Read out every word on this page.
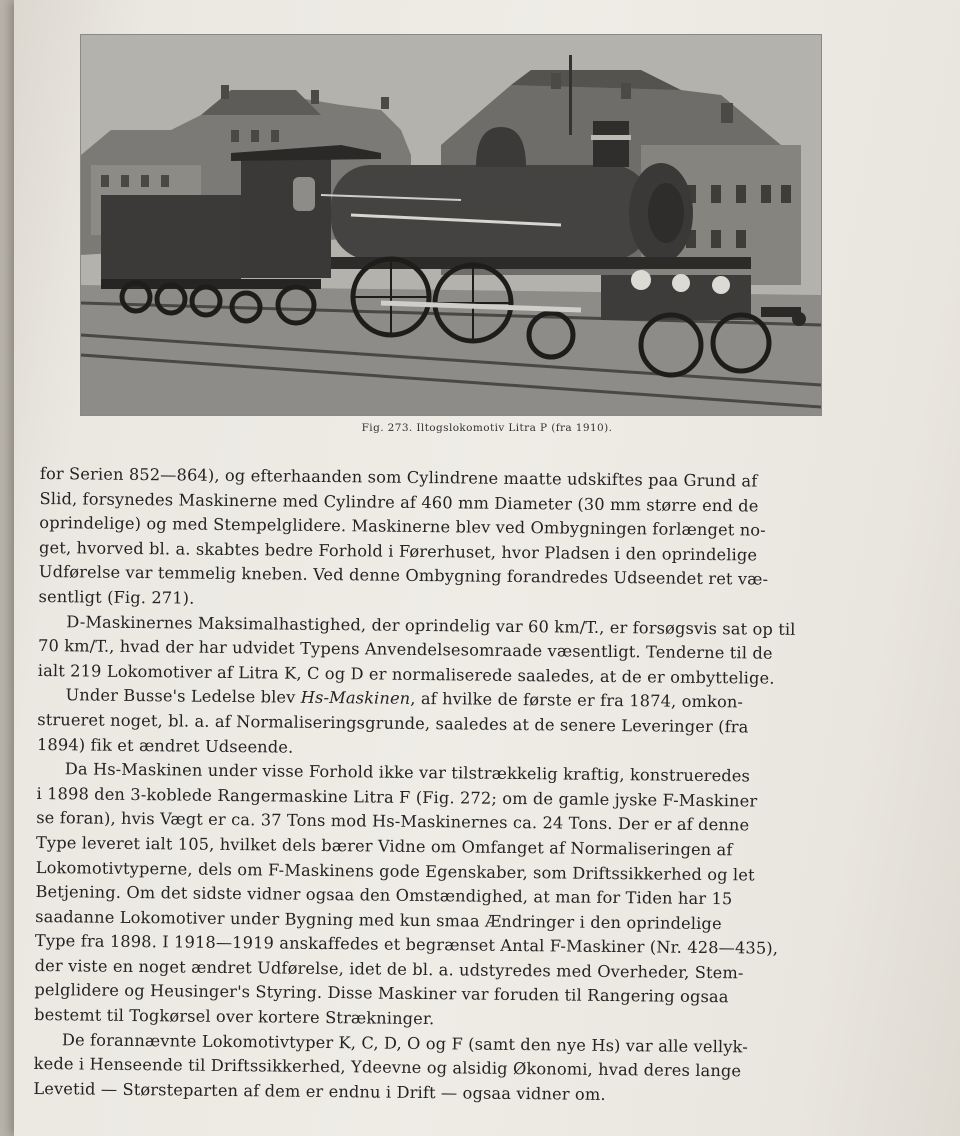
Fig. 273. Iltogslokomotiv Litra P (fra 1910).
for Serien 852—864), og efterhaanden som Cylindrene maatte udskiftes paa Grund af
Slid, forsynedes Maskinerne med Cylindre af 460 mm Diameter (30 mm større end de
oprindelige) og med Stempelglidere. Maskinerne blev ved Ombygningen forlænget no-
get, hvorved bl. a. skabtes bedre Forhold i Førerhuset, hvor Pladsen i den oprindelige
Udførelse var temmelig kneben. Ved denne Ombygning forandredes Udseendet ret væ-
sentligt (Fig. 271).
D-Maskinernes Maksimalhastighed, der oprindelig var 60 km/T., er forsøgsvis sat op til
70 km/T., hvad der har udvidet Typens Anvendelsesomraade væsentligt. Tenderne til de
ialt 219 Lokomotiver af Litra K, C og D er normaliserede saaledes, at de er ombyttelige.
Under Busse's Ledelse blev Hs-Maskinen, af hvilke de første er fra 1874, omkon-
strueret noget, bl. a. af Normaliseringsgrunde, saaledes at de senere Leveringer (fra
1894) fik et ændret Udseende.
Da Hs-Maskinen under visse Forhold ikke var tilstrækkelig kraftig, konstrueredes
i 1898 den 3-koblede Rangermaskine Litra F (Fig. 272; om de gamle jyske F-Maskiner
se foran), hvis Vægt er ca. 37 Tons mod Hs-Maskinernes ca. 24 Tons. Der er af denne
Type leveret ialt 105, hvilket dels bærer Vidne om Omfanget af Normaliseringen af
Lokomotivtyperne, dels om F-Maskinens gode Egenskaber, som Driftssikkerhed og let
Betjening. Om det sidste vidner ogsaa den Omstændighed, at man for Tiden har 15
saadanne Lokomotiver under Bygning med kun smaa Ændringer i den oprindelige
Type fra 1898. I 1918—1919 anskaffedes et begrænset Antal F-Maskiner (Nr. 428—435),
der viste en noget ændret Udførelse, idet de bl. a. udstyredes med Overheder, Stem-
pelglidere og Heusinger's Styring. Disse Maskiner var foruden til Rangering ogsaa
bestemt til Togkørsel over kortere Strækninger.
De forannævnte Lokomotivtyper K, C, D, O og F (samt den nye Hs) var alle vellyk-
kede i Henseende til Driftssikkerhed, Ydeevne og alsidig Økonomi, hvad deres lange
Levetid — Størsteparten af dem er endnu i Drift — ogsaa vidner om.
